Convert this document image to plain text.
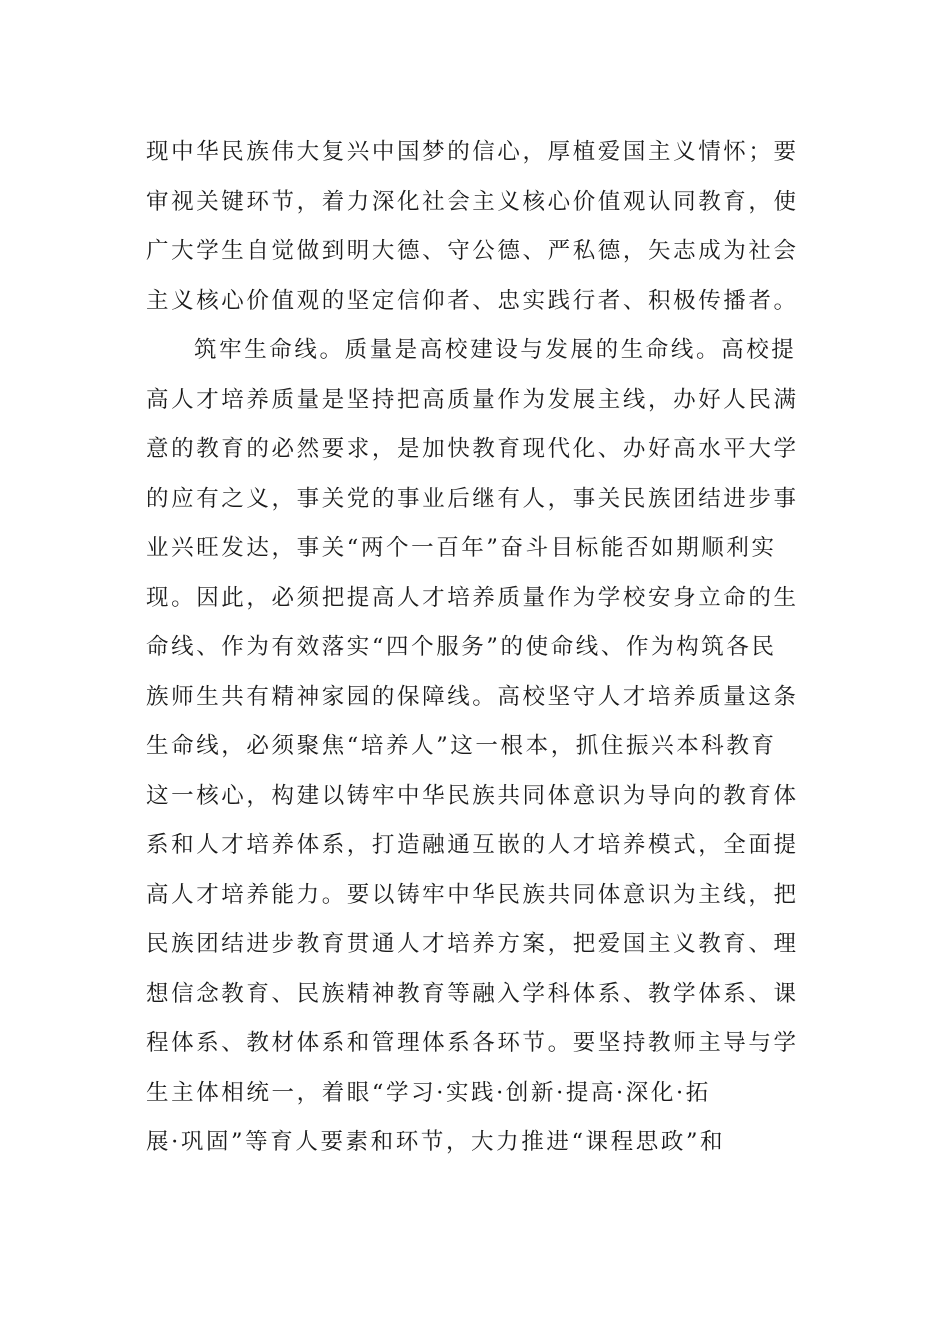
现中华民族伟大复兴中国梦的信心，厚植爱国主义情怀；要
审视关键环节，着力深化社会主义核心价值观认同教育，使
广大学生自觉做到明大德、守公德、严私德，矢志成为社会
主义核心价值观的坚定信仰者、忠实践行者、积极传播者。
筑牢生命线。质量是高校建设与发展的生命线。高校提
高人才培养质量是坚持把高质量作为发展主线，办好人民满
意的教育的必然要求，是加快教育现代化、办好高水平大学
的应有之义，事关党的事业后继有人，事关民族团结进步事
业兴旺发达，事关“两个一百年”奋斗目标能否如期顺利实
现。因此，必须把提高人才培养质量作为学校安身立命的生
命线、作为有效落实“四个服务”的使命线、作为构筑各民
族师生共有精神家园的保障线。高校坚守人才培养质量这条
生命线，必须聚焦“培养人”这一根本，抓住振兴本科教育
这一核心，构建以铸牢中华民族共同体意识为导向的教育体
系和人才培养体系，打造融通互嵌的人才培养模式，全面提
高人才培养能力。要以铸牢中华民族共同体意识为主线，把
民族团结进步教育贯通人才培养方案，把爱国主义教育、理
想信念教育、民族精神教育等融入学科体系、教学体系、课
程体系、教材体系和管理体系各环节。要坚持教师主导与学
生主体相统一，着眼“学习·实践·创新·提高·深化·拓
展·巩固”等育人要素和环节，大力推进“课程思政”和
